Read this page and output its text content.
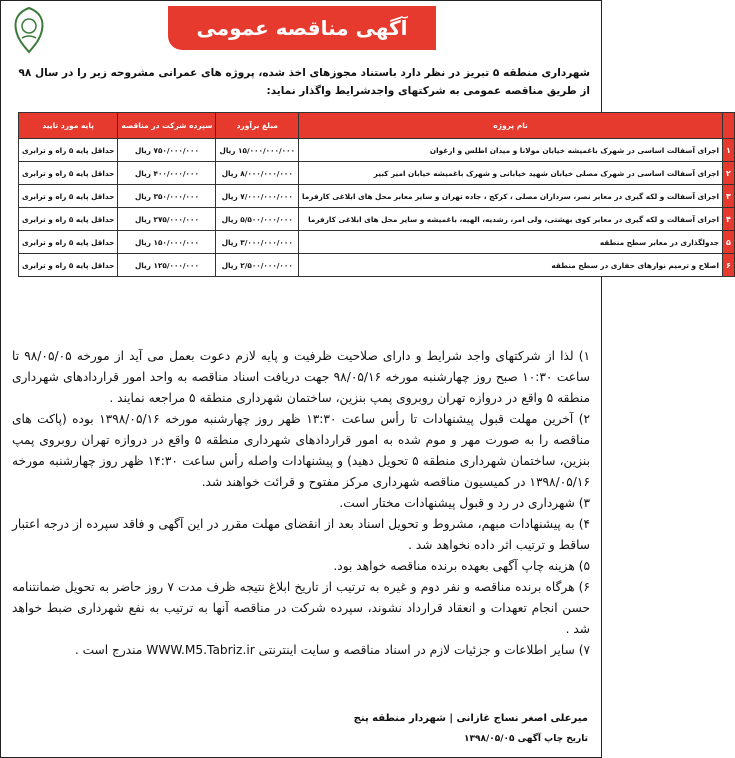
آگهی مناقصه عمومی
شهرداری منطقه ۵ تبریز در نظر دارد باستناد مجوزهای اخذ شده، پروژه های عمرانی مشروحه زیر را در سال ۹۸ از طریق مناقصه عمومی به شرکتهای واجدشرایط واگذار نماید:
	نام پروژه	مبلغ برآورد	سپرده شرکت در مناقصه	پایه مورد تایید
۱	اجرای آسفالت اساسی در شهرک باغمیشه خیابان مولانا و میدان اطلس و ارغوان	۱۵/۰۰۰/۰۰۰/۰۰۰ ریال	۷۵۰/۰۰۰/۰۰۰ ریال	حداقل پایه ۵ راه و ترابری
۲	اجرای آسفالت اساسی در شهرک مصلی خیابان شهید خیابانی و شهرک باغمیشه خیابان امیر کبیر	۸/۰۰۰/۰۰۰/۰۰۰ ریال	۴۰۰/۰۰۰/۰۰۰ ریال	حداقل پایه ۵ راه و ترابری
۳	اجرای آسفالت و لکه گیری در معابر نصر، سرداران مصلی ، کرکج ، جاده تهران و سایر معابر محل های ابلاغی کارفرما	۷/۰۰۰/۰۰۰/۰۰۰ ریال	۳۵۰/۰۰۰/۰۰۰ ریال	حداقل پایه ۵ راه و ترابری
۴	اجرای آسفالت و لکه گیری در معابر کوی بهشتی، ولی امر، رشدیه، الهیه، باغمیشه و سایر محل های ابلاغی کارفرما	۵/۵۰۰/۰۰۰/۰۰۰ ریال	۲۷۵/۰۰۰/۰۰۰ ریال	حداقل پایه ۵ راه و ترابری
۵	جدولگذاری در معابر سطح منطقه	۳/۰۰۰/۰۰۰/۰۰۰ ریال	۱۵۰/۰۰۰/۰۰۰ ریال	حداقل پایه ۵ راه و ترابری
۶	اصلاح و ترمیم نوارهای حفاری در سطح منطقه	۲/۵۰۰/۰۰۰/۰۰۰ ریال	۱۲۵/۰۰۰/۰۰۰ ریال	حداقل پایه ۵ راه و ترابری

۱) لذا از شرکتهای واجد شرایط و دارای صلاحیت ظرفیت و پایه لازم دعوت بعمل می آید از مورخه ۹۸/۰۵/۰۵ تا ساعت ۱۰:۳۰ صبح روز چهارشنبه مورخه ۹۸/۰۵/۱۶ جهت دریافت اسناد مناقصه به واحد امور قراردادهای شهرداری منطقه ۵ واقع در دروازه تهران روبروی پمپ بنزین، ساختمان شهرداری منطقه ۵ مراجعه نمایند .

۲) آخرین مهلت قبول پیشنهادات تا رأس ساعت ۱۳:۳۰ ظهر روز چهارشنبه مورخه ۱۳۹۸/۰۵/۱۶ بوده (پاکت های مناقصه را به صورت مهر و موم شده به امور قراردادهای شهرداری منطقه ۵ واقع در دروازه تهران روبروی پمپ بنزین، ساختمان شهرداری منطقه ۵ تحویل دهید) و پیشنهادات واصله رأس ساعت ۱۴:۳۰ ظهر روز چهارشنبه مورخه ۱۳۹۸/۰۵/۱۶ در کمیسیون مناقصه شهرداری مرکز مفتوح و قرائت خواهند شد.

۳) شهرداری در رد و قبول پیشنهادات مختار است.

۴) به پیشنهادات مبهم، مشروط و تحویل اسناد بعد از انقضای مهلت مقرر در این آگهی و فاقد سپرده از درجه اعتبار ساقط و ترتیب اثر داده نخواهد شد .

۵) هزینه چاپ آگهی بعهده برنده مناقصه خواهد بود.

۶) هرگاه برنده مناقصه و نفر دوم و غیره به ترتیب از تاریخ ابلاغ نتیجه ظرف مدت ۷ روز حاضر به تحویل ضمانتنامه حسن انجام تعهدات و انعقاد قرارداد نشوند، سپرده شرکت در مناقصه آنها به ترتیب به نفع شهرداری ضبط خواهد شد .

۷) سایر اطلاعات و جزئیات لازم در اسناد مناقصه و سایت اینترنتی WWW.M5.Tabriz.ir مندرج است .

میرعلی اصغر نساج غازانی | شهردار منطقه پنج
تاریخ چاپ آگهی ۱۳۹۸/۰۵/۰۵
